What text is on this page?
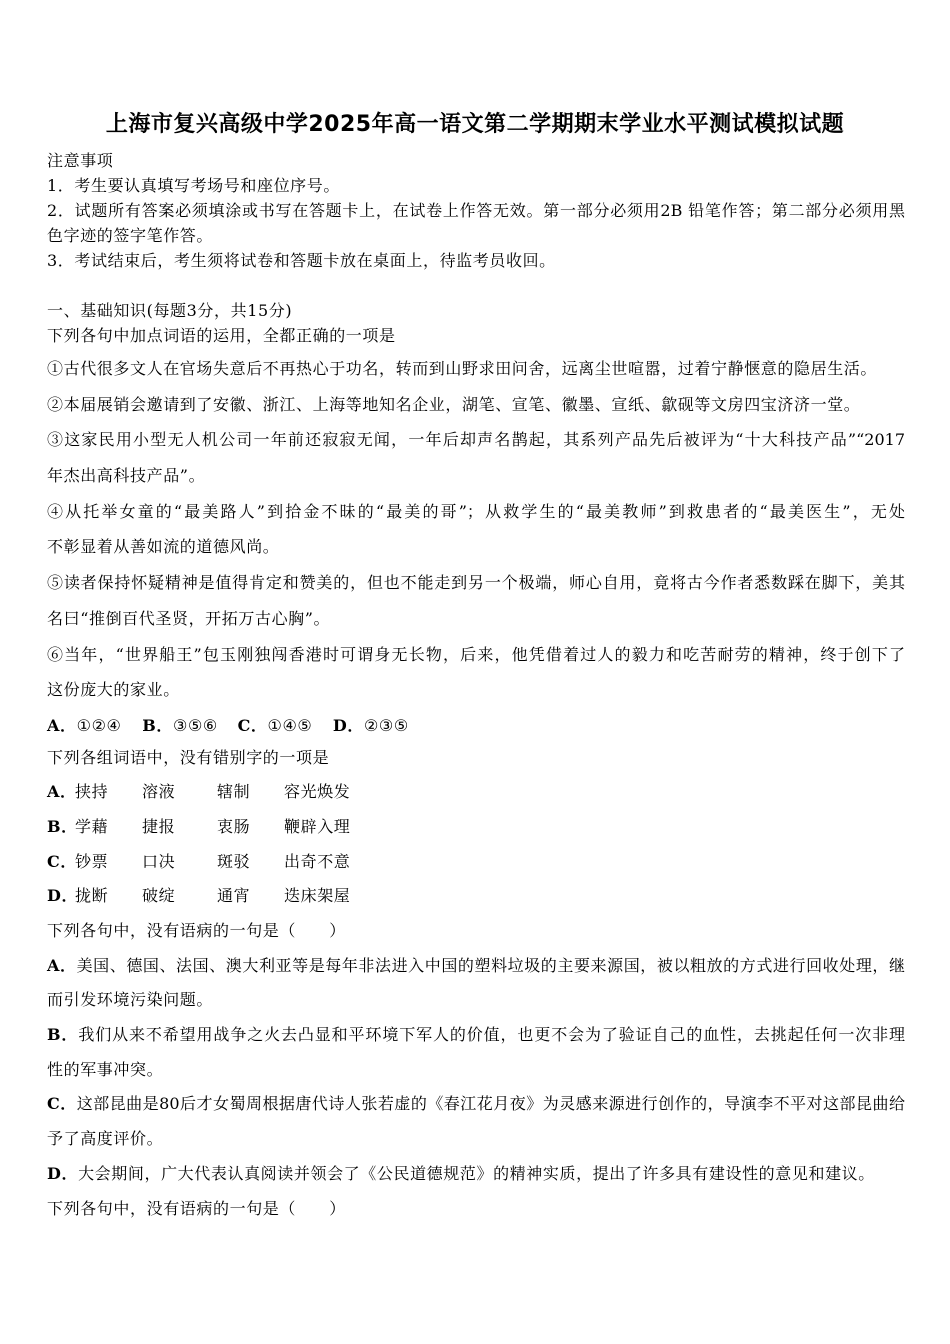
上海市复兴高级中学2025年高一语文第二学期期末学业水平测试模拟试题
注意事项
1．考生要认真填写考场号和座位序号。
2．试题所有答案必须填涂或书写在答题卡上，在试卷上作答无效。第一部分必须用2B 铅笔作答；第二部分必须用黑
色字迹的签字笔作答。
3．考试结束后，考生须将试卷和答题卡放在桌面上，待监考员收回。
一、基础知识(每题3分，共15分)
下列各句中加点词语的运用，全都正确的一项是
①古代很多文人在官场失意后不再热心于功名，转而到山野求田问舍，远离尘世喧嚣，过着宁静惬意的隐居生活。
②本届展销会邀请到了安徽、浙江、上海等地知名企业，湖笔、宣笔、徽墨、宣纸、歙砚等文房四宝济济一堂。
③这家民用小型无人机公司一年前还寂寂无闻，一年后却声名鹊起，其系列产品先后被评为“十大科技产品”“2017
年杰出高科技产品”。
④从托举女童的“最美路人”到拾金不昧的“最美的哥”；从救学生的“最美教师”到救患者的“最美医生”，无处
不彰显着从善如流的道德风尚。
⑤读者保持怀疑精神是值得肯定和赞美的，但也不能走到另一个极端，师心自用，竟将古今作者悉数踩在脚下，美其
名曰“推倒百代圣贤，开拓万古心胸”。
⑥当年，“世界船王”包玉刚独闯香港时可谓身无长物，后来，他凭借着过人的毅力和吃苦耐劳的精神，终于创下了
这份庞大的家业。
A．①②④	B．③⑤⑥	C．①④⑤	D．②③⑤
下列各组词语中，没有错别字的一项是
A．
挟持	溶液	辖制	容光焕发
B．
学藉	捷报	衷肠	鞭辟入理
C．
钞票	口决	斑驳	出奇不意
D．
拢断	破绽	通宵	迭床架屋
下列各句中，没有语病的一句是（　　）
A．美国、德国、法国、澳大利亚等是每年非法进入中国的塑料垃圾的主要来源国，被以粗放的方式进行回收处理，继
而引发环境污染问题。
B．我们从来不希望用战争之火去凸显和平环境下军人的价值，也更不会为了验证自己的血性，去挑起任何一次非理
性的军事冲突。
C．这部昆曲是80后才女蜀周根据唐代诗人张若虚的《春江花月夜》为灵感来源进行创作的，导演李不平对这部昆曲给
予了高度评价。
D．大会期间，广大代表认真阅读并领会了《公民道德规范》的精神实质，提出了许多具有建设性的意见和建议。
下列各句中，没有语病的一句是（　　）
